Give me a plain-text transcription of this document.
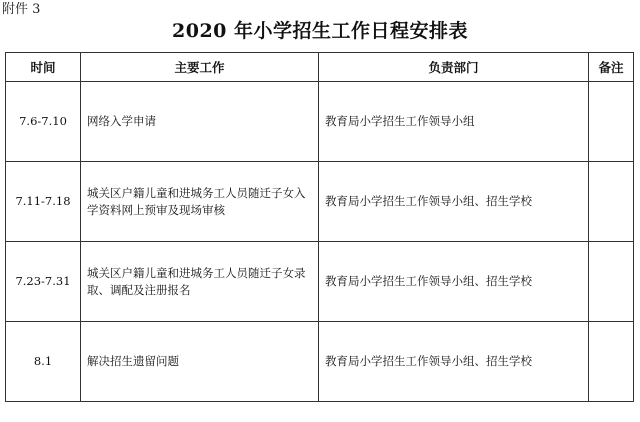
附件 3
2020 年小学招生工作日程安排表
时间	主要工作	负责部门	备注
7.6-7.10	网络入学申请	教育局小学招生工作领导小组	
7.11-7.18	城关区户籍儿童和进城务工人员随迁子女入学资料网上预审及现场审核	教育局小学招生工作领导小组、招生学校	
7.23-7.31	城关区户籍儿童和进城务工人员随迁子女录取、调配及注册报名	教育局小学招生工作领导小组、招生学校	
8.1	解决招生遗留问题	教育局小学招生工作领导小组、招生学校	
